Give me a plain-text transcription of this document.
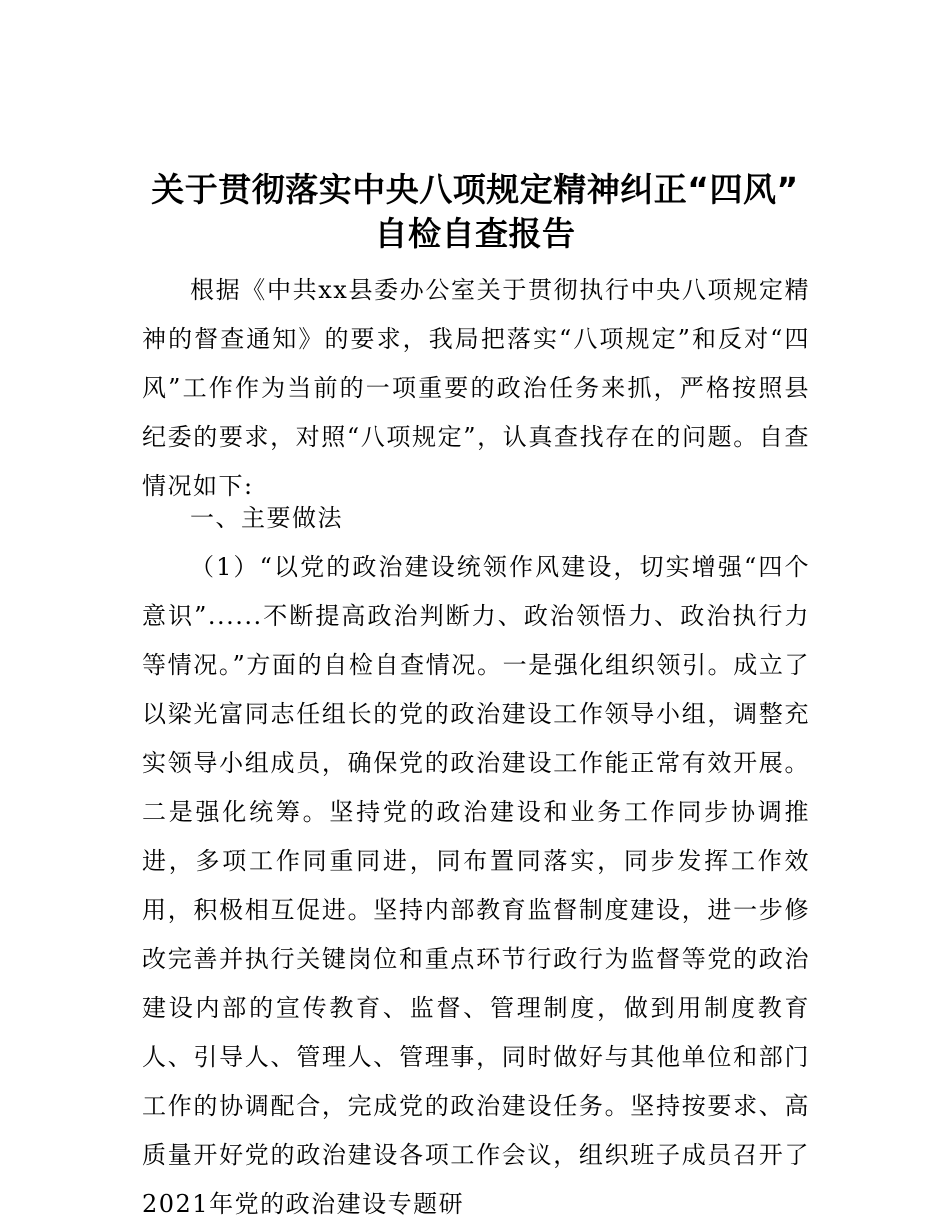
关于贯彻落实中央八项规定精神纠正“四风”
自检自查报告
根据《中共xx县委办公室关于贯彻执行中央八项规定精神的督查通知》的要求，我局把落实“八项规定”和反对“四风”工作作为当前的一项重要的政治任务来抓，严格按照县纪委的要求，对照“八项规定”，认真查找存在的问题。自查情况如下:
一、主要做法
（1）“以党的政治建设统领作风建设，切实增强“四个意识”......不断提高政治判断力、政治领悟力、政治执行力等情况。”方面的自检自查情况。一是强化组织领引。成立了以梁光富同志任组长的党的政治建设工作领导小组，调整充实领导小组成员，确保党的政治建设工作能正常有效开展。二是强化统筹。坚持党的政治建设和业务工作同步协调推进，多项工作同重同进，同布置同落实，同步发挥工作效用，积极相互促进。坚持内部教育监督制度建设，进一步修改完善并执行关键岗位和重点环节行政行为监督等党的政治建设内部的宣传教育、监督、管理制度，做到用制度教育人、引导人、管理人、管理事，同时做好与其他单位和部门工作的协调配合，完成党的政治建设任务。坚持按要求、高质量开好党的政治建设各项工作会议，组织班子成员召开了2021年党的政治建设专题研
